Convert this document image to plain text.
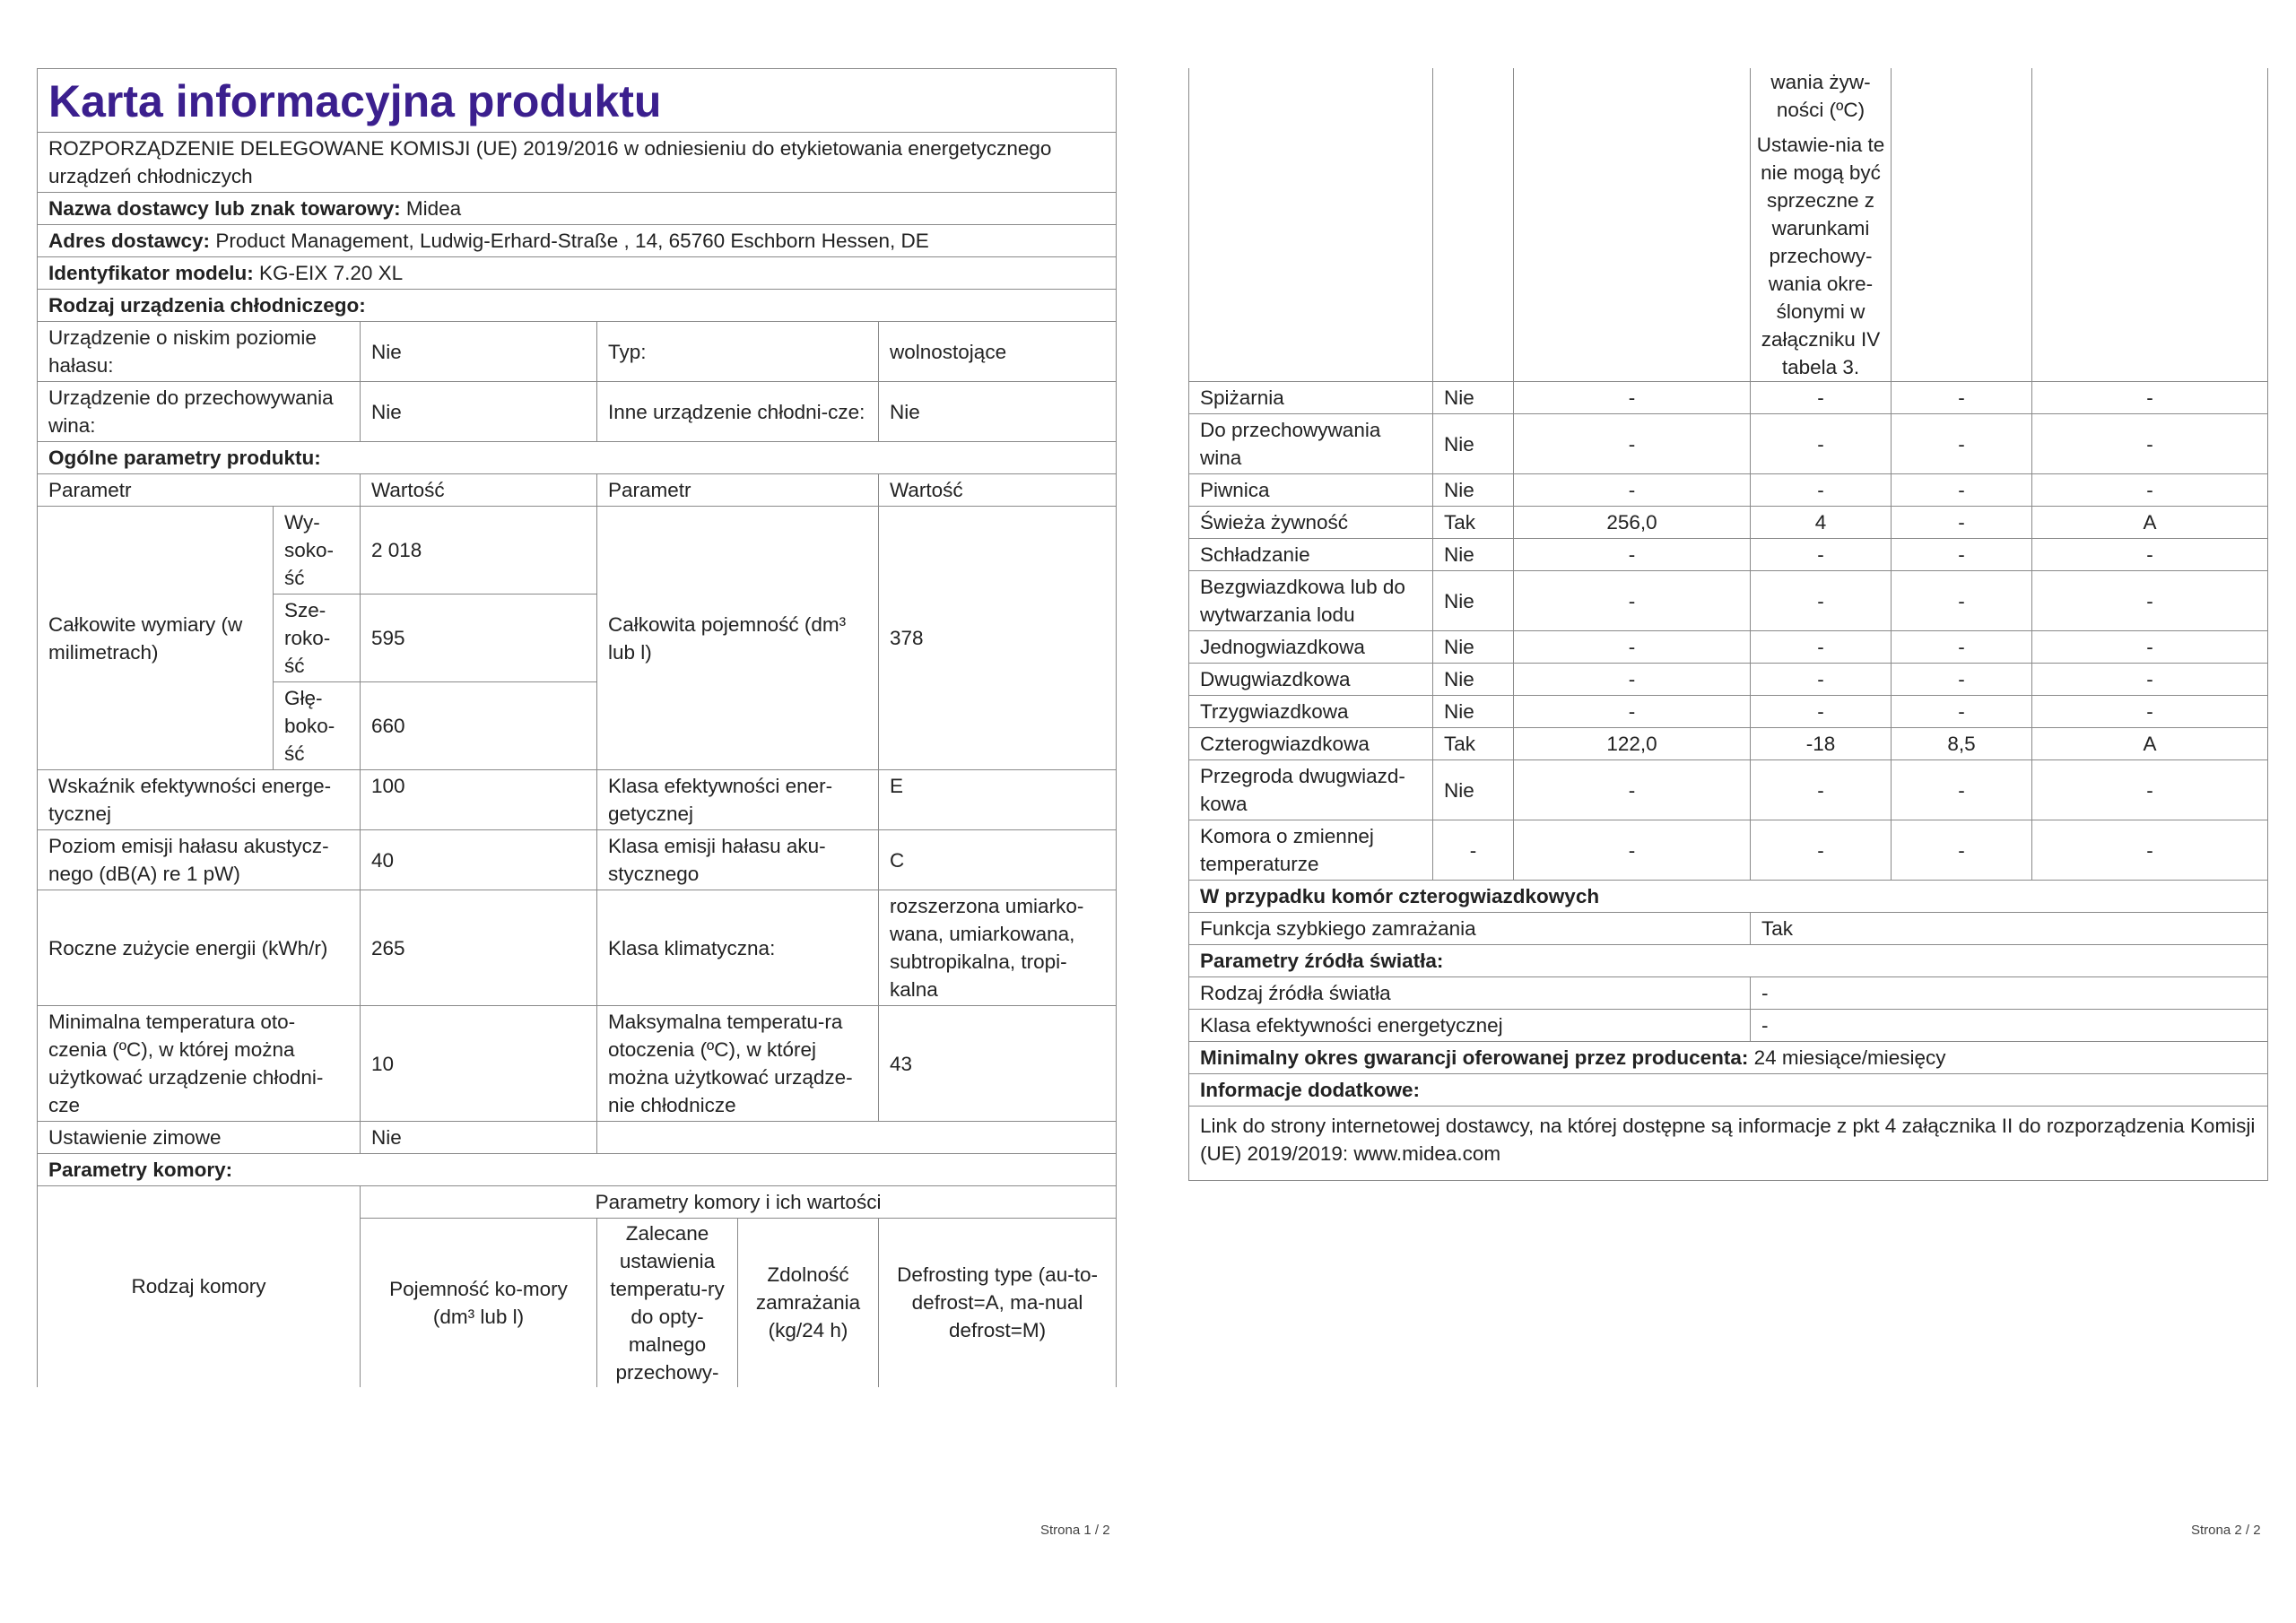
Karta informacyjna produktu					
ROZPORZĄDZENIE DELEGOWANE KOMISJI (UE) 2019/2016 w odniesieniu do etykietowania energetycznego urządzeń chłodniczych					
Nazwa dostawcy lub znak towarowy: Midea					
Adres dostawcy: Product Management, Ludwig-Erhard-Straße , 14, 65760 Eschborn Hessen, DE					
Identyfikator modelu: KG-EIX 7.20 XL					
Rodzaj urządzenia chłodniczego:					
Urządzenie o niskim poziomie hałasu:		Nie	Typ:		wolnostojące
Urządzenie do przechowywania wina:		Nie	Inne urządzenie chłodni-cze:		Nie
Ogólne parametry produktu:					
Parametr		Wartość	Parametr		Wartość
Całkowite wymiary (w milimetrach)	Wy-soko-ść	2 018	Całkowita pojemność (dm³ lub l)		378
	Sze-roko-ść	595			
	Głę-boko-ść	660			
Wskaźnik efektywności energe-tycznej		100	Klasa efektywności ener-getycznej		E
Poziom emisji hałasu akustycz-nego (dB(A) re 1 pW)		40	Klasa emisji hałasu aku-stycznego		C
Roczne zużycie energii (kWh/r)		265	Klasa klimatyczna:		rozszerzona umiarko-wana, umiarkowana, subtropikalna, tropi-kalna
Minimalna temperatura oto-czenia (ºC), w której można użytkować urządzenie chłodni-cze		10	Maksymalna temperatu-ra otoczenia (ºC), w której można użytkować urządze-nie chłodnicze		43
Ustawienie zimowe		Nie			
Parametry komory:					
Rodzaj komory		Parametry komory i ich wartości			
		Pojemność ko-mory (dm³ lub l)	Zalecane ustawienia temperatu-ry do opty-malnego przechowy-	Zdolność zamrażania (kg/24 h)	Defrosting type (au-to-defrost=A, ma-nual defrost=M)
Strona 1 / 2

			wania żyw-ności (ºC)
Ustawie-nia te nie mogą być sprzeczne z warunkami przechowy-wania okre-ślonymi w załączniku IV tabela 3.		

Spiżarnia	Nie	-	-	-	-
Do przechowywania wina	Nie	-	-	-	-
Piwnica	Nie	-	-	-	-
Świeża żywność	Tak	256,0	4	-	A
Schładzanie	Nie	-	-	-	-
Bezgwiazdkowa lub do wytwarzania lodu	Nie	-	-	-	-
Jednogwiazdkowa	Nie	-	-	-	-
Dwugwiazdkowa	Nie	-	-	-	-
Trzygwiazdkowa	Nie	-	-	-	-
Czterogwiazdkowa	Tak	122,0	-18	8,5	A
Przegroda dwugwiazd-kowa	Nie	-	-	-	-
Komora o zmiennej temperaturze	-	-	-	-	-
W przypadku komór czterogwiazdkowych					
Funkcja szybkiego zamrażania			Tak		
Parametry źródła światła:					
Rodzaj źródła światła			-		
Klasa efektywności energetycznej			-		
Minimalny okres gwarancji oferowanej przez producenta: 24 miesiące/miesięcy					
Informacje dodatkowe:					
Link do strony internetowej dostawcy, na której dostępne są informacje z pkt 4 załącznika II do rozporządzenia Komisji (UE) 2019/2019: www.midea.com					
Strona 2 / 2
